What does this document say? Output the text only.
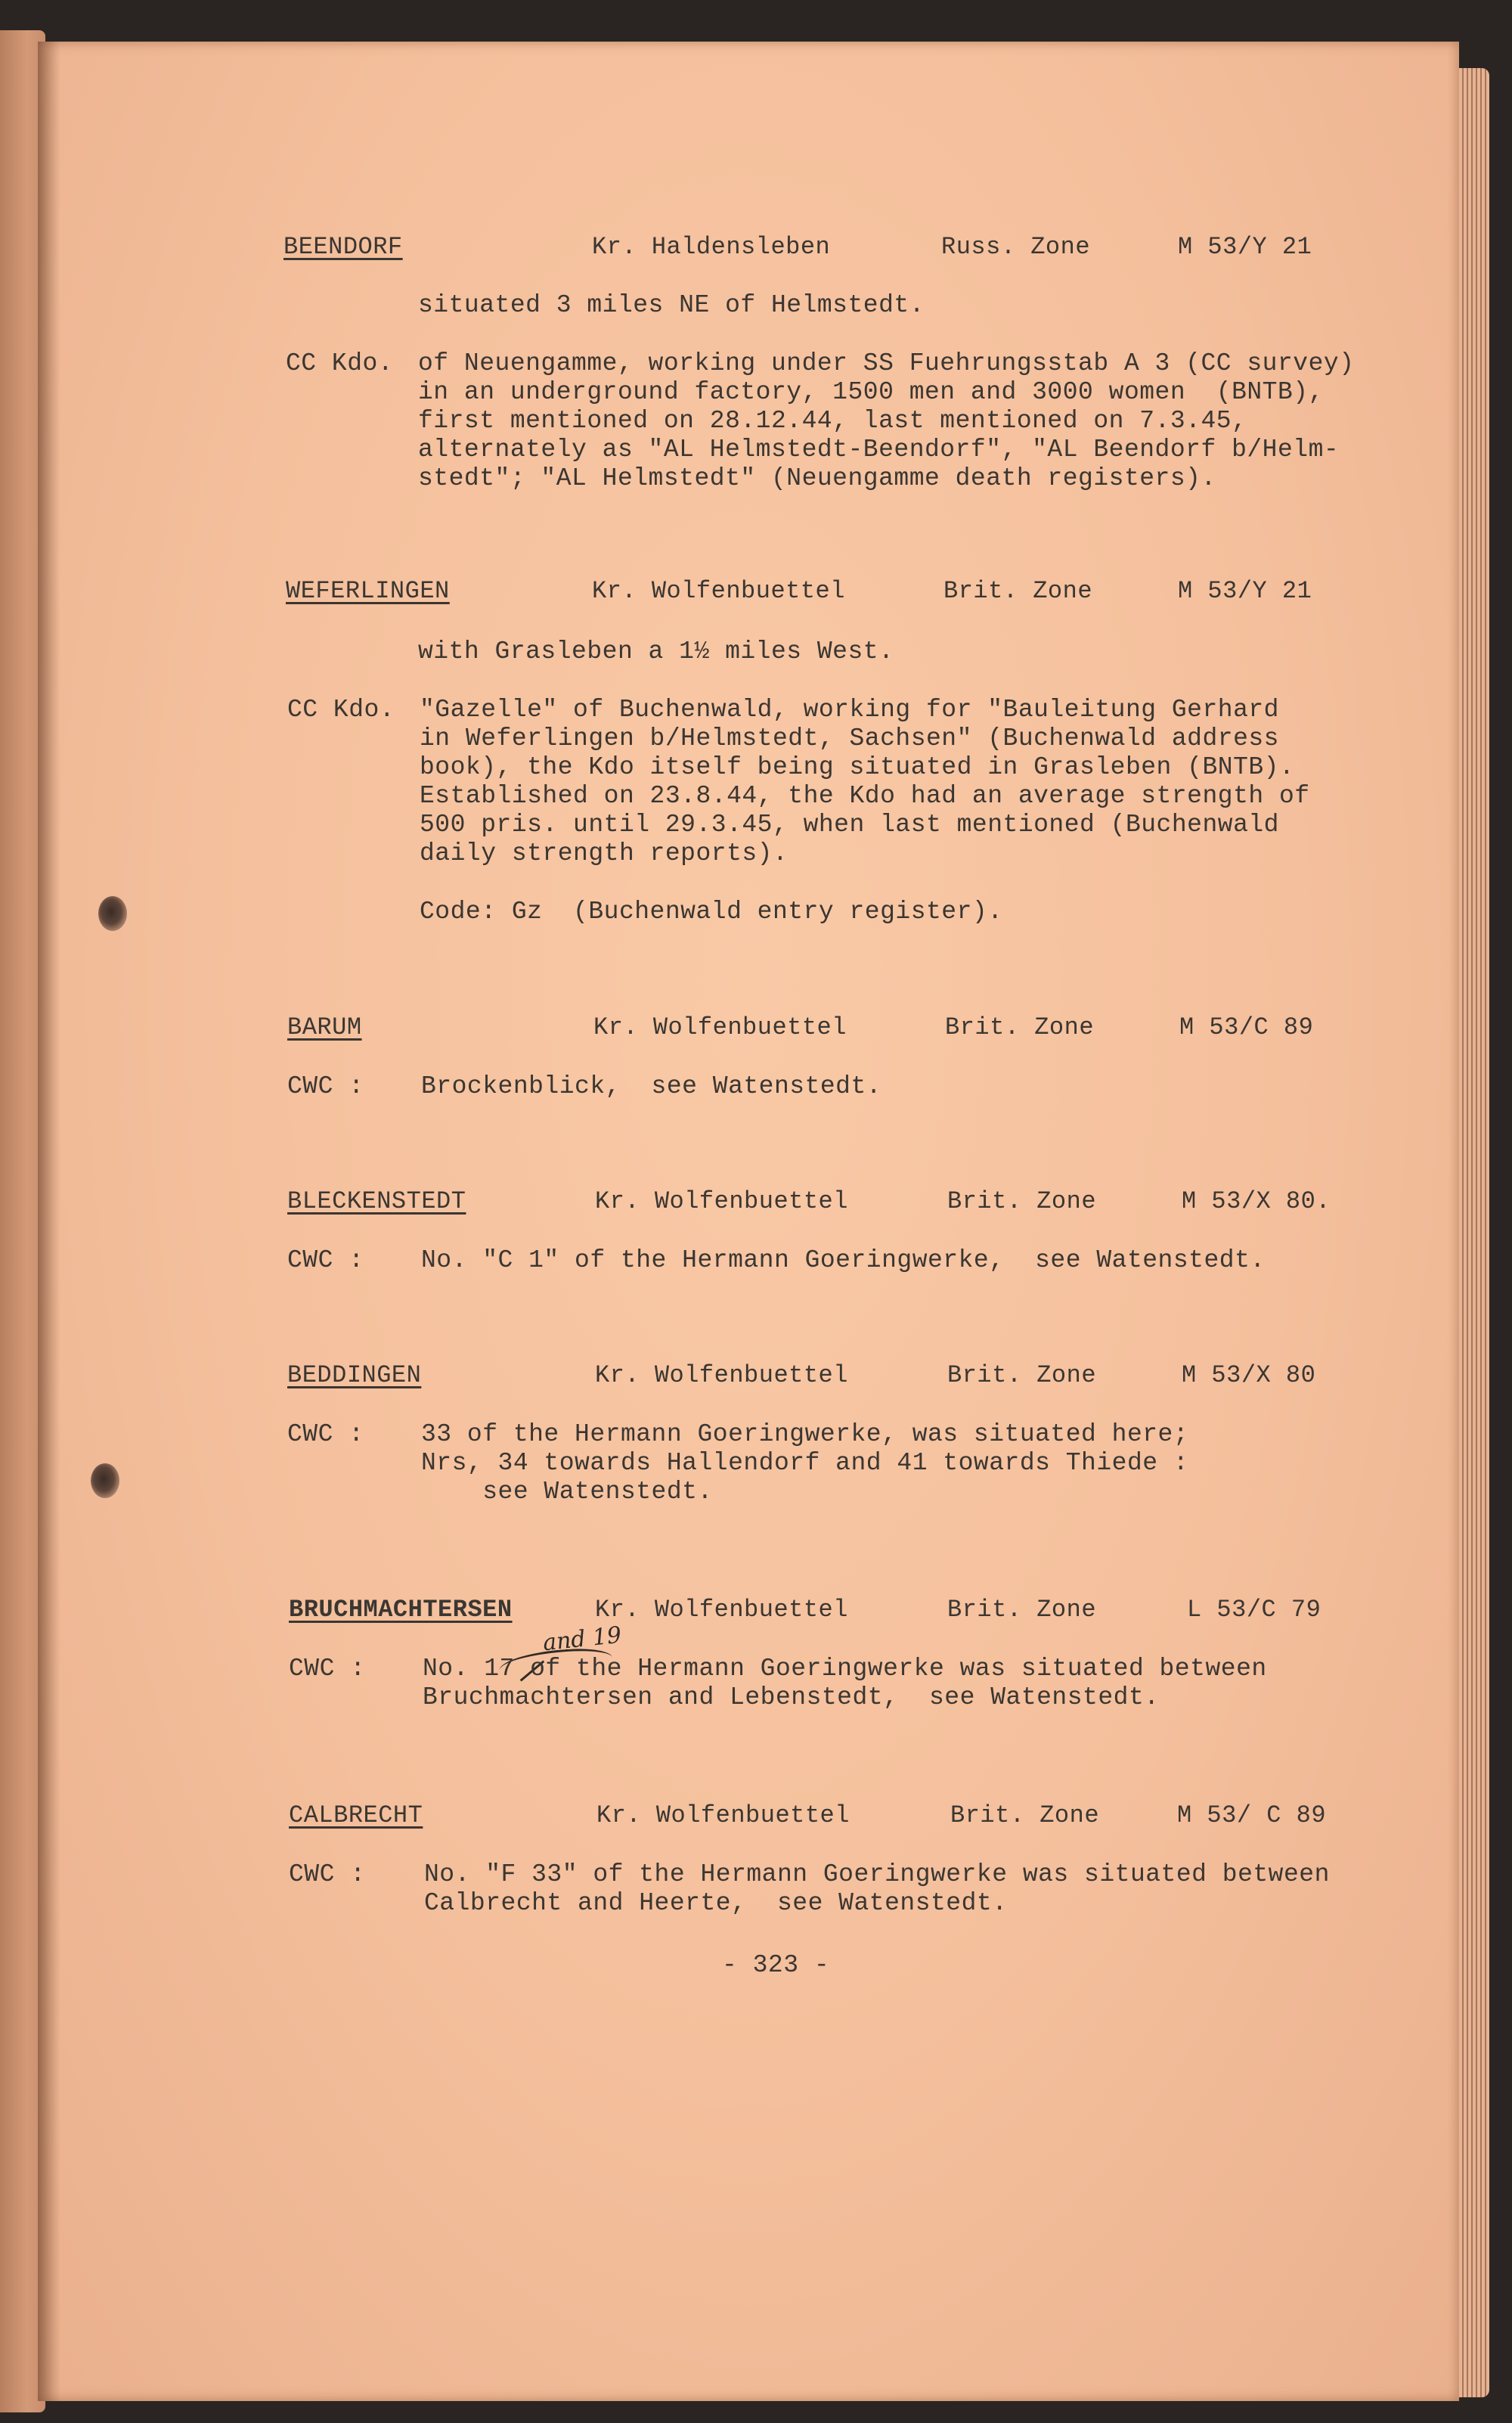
BEENDORF	Kr. Haldensleben	Russ. Zone	M 53/Y 21
situated 3 miles NE of Helmstedt.
CC Kdo. of Neuengamme, working under SS Fuehrungsstab A 3 (CC survey)
in an underground factory, 1500 men and 3000 women  (BNTB),
first mentioned on 28.12.44, last mentioned on 7.3.45,
alternately as "AL Helmstedt-Beendorf", "AL Beendorf b/Helm-
stedt"; "AL Helmstedt" (Neuengamme death registers).
WEFERLINGEN	Kr. Wolfenbuettel	Brit. Zone	M 53/Y 21
with Grasleben a 1½ miles West.
CC Kdo. "Gazelle" of Buchenwald, working for "Bauleitung Gerhard
in Weferlingen b/Helmstedt, Sachsen" (Buchenwald address
book), the Kdo itself being situated in Grasleben (BNTB).
Established on 23.8.44, the Kdo had an average strength of
500 pris. until 29.3.45, when last mentioned (Buchenwald
daily strength reports).
Code: Gz  (Buchenwald entry register).
BARUM	Kr. Wolfenbuettel	Brit. Zone	M 53/C 89
CWC : Brockenblick,  see Watenstedt.
BLECKENSTEDT	Kr. Wolfenbuettel	Brit. Zone	M 53/X 80.
CWC : No. "C 1" of the Hermann Goeringwerke,  see Watenstedt.
BEDDINGEN	Kr. Wolfenbuettel	Brit. Zone	M 53/X 80
CWC : 33 of the Hermann Goeringwerke, was situated here;
Nrs, 34 towards Hallendorf and 41 towards Thiede :
see Watenstedt.
BRUCHMACHTERSEN	Kr. Wolfenbuettel	Brit. Zone	L 53/C 79
and 19
CWC : No. 17 of the Hermann Goeringwerke was situated between
Bruchmachtersen and Lebenstedt,  see Watenstedt.
CALBRECHT	Kr. Wolfenbuettel	Brit. Zone	M 53/ C 89
CWC : No. "F 33" of the Hermann Goeringwerke was situated between
Calbrecht and Heerte,  see Watenstedt.
- 323 -
